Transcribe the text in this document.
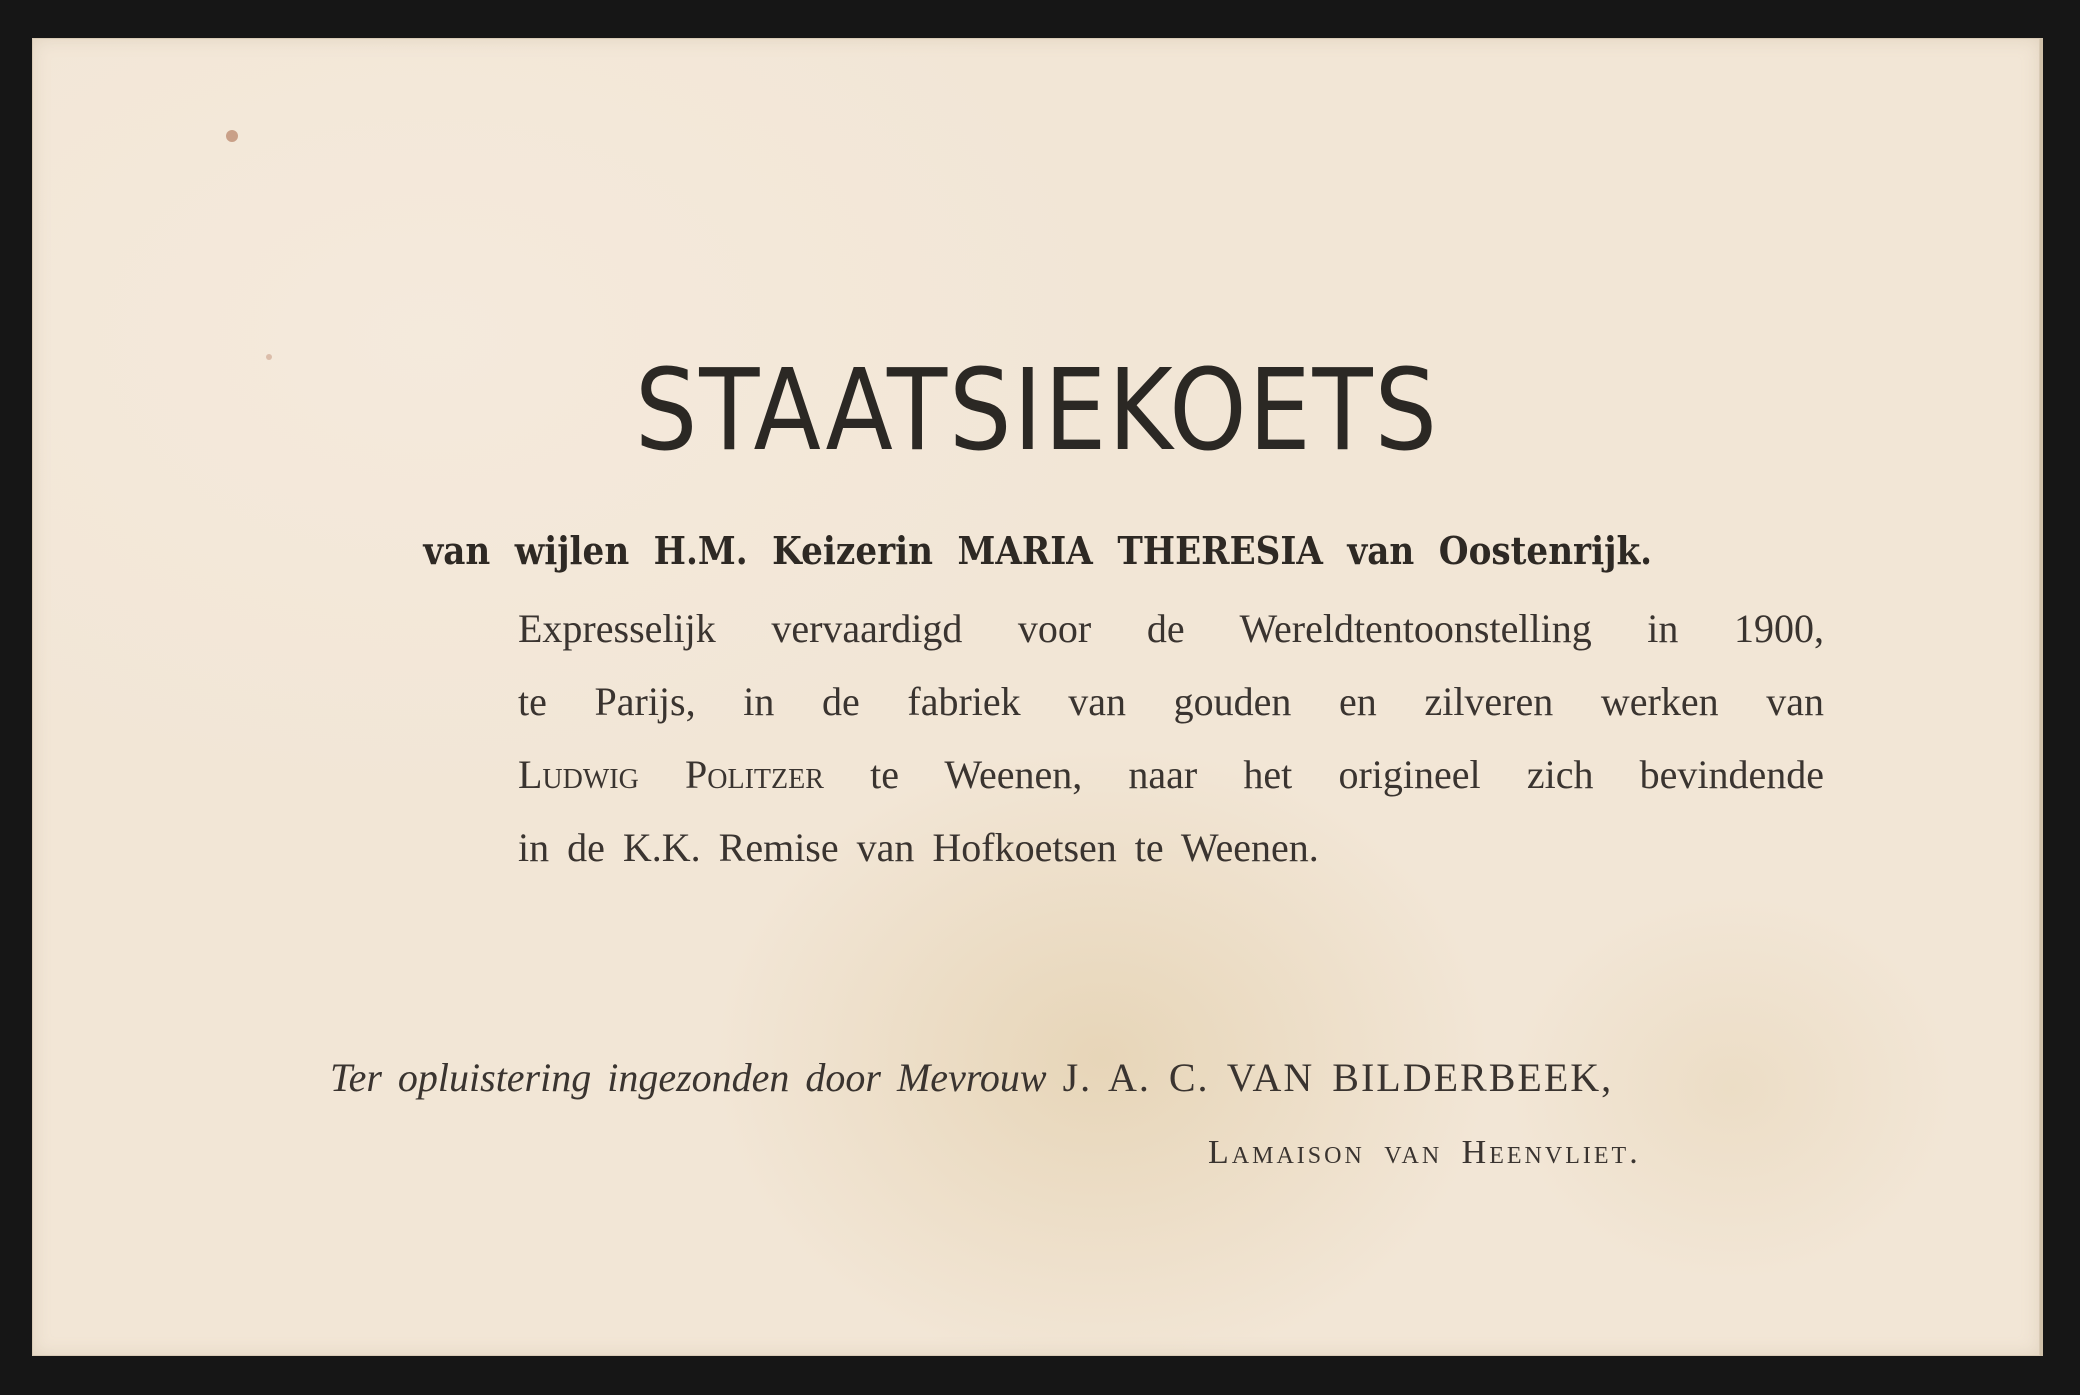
STAATSIEKOETS
van wijlen H.M. Keizerin MARIA THERESIA van Oostenrijk.
Expresselijk vervaardigd voor de Wereldtentoonstelling in 1900,
te Parijs, in de fabriek van gouden en zilveren werken van
Ludwig Politzer te Weenen, naar het origineel zich bevindende
in de K.K. Remise van Hofkoetsen te Weenen.
Ter opluistering ingezonden door Mevrouw J. A. C. VAN BILDERBEEK,
Lamaison van Heenvliet.
